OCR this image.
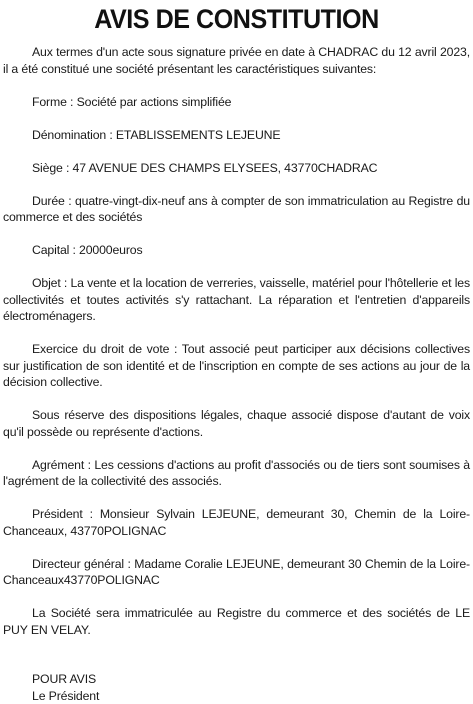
AVIS DE CONSTITUTION

Aux termes d'un acte sous signature privée en date à CHADRAC du 12 avril 2023, il a été constitué une société présentant les caractéristiques suivantes:

Forme : Société par actions simplifiée

Dénomination : ETABLISSEMENTS LEJEUNE

Siège : 47 AVENUE DES CHAMPS ELYSEES, 43770CHADRAC

Durée : quatre-vingt-dix-neuf ans à compter de son immatriculation au Registre du commerce et des sociétés

Capital : 20000euros

Objet : La vente et la location de verreries, vaisselle, matériel pour l'hôtellerie et les collectivités et toutes activités s'y rattachant. La réparation et l'entretien d'appareils électroménagers.

Exercice du droit de vote : Tout associé peut participer aux décisions collectives sur justification de son identité et de l'inscription en compte de ses actions au jour de la décision collective.

Sous réserve des dispositions légales, chaque associé dispose d'autant de voix qu'il possède ou représente d'actions.

Agrément : Les cessions d'actions au profit d'associés ou de tiers sont soumises à l'agrément de la collectivité des associés.

Président : Monsieur Sylvain LEJEUNE, demeurant 30, Chemin de la Loire-Chanceaux, 43770POLIGNAC

Directeur général : Madame Coralie LEJEUNE, demeurant 30 Chemin de la Loire-Chanceaux43770POLIGNAC

La Société sera immatriculée au Registre du commerce et des sociétés de LE PUY EN VELAY.

POUR AVIS
Le Président
